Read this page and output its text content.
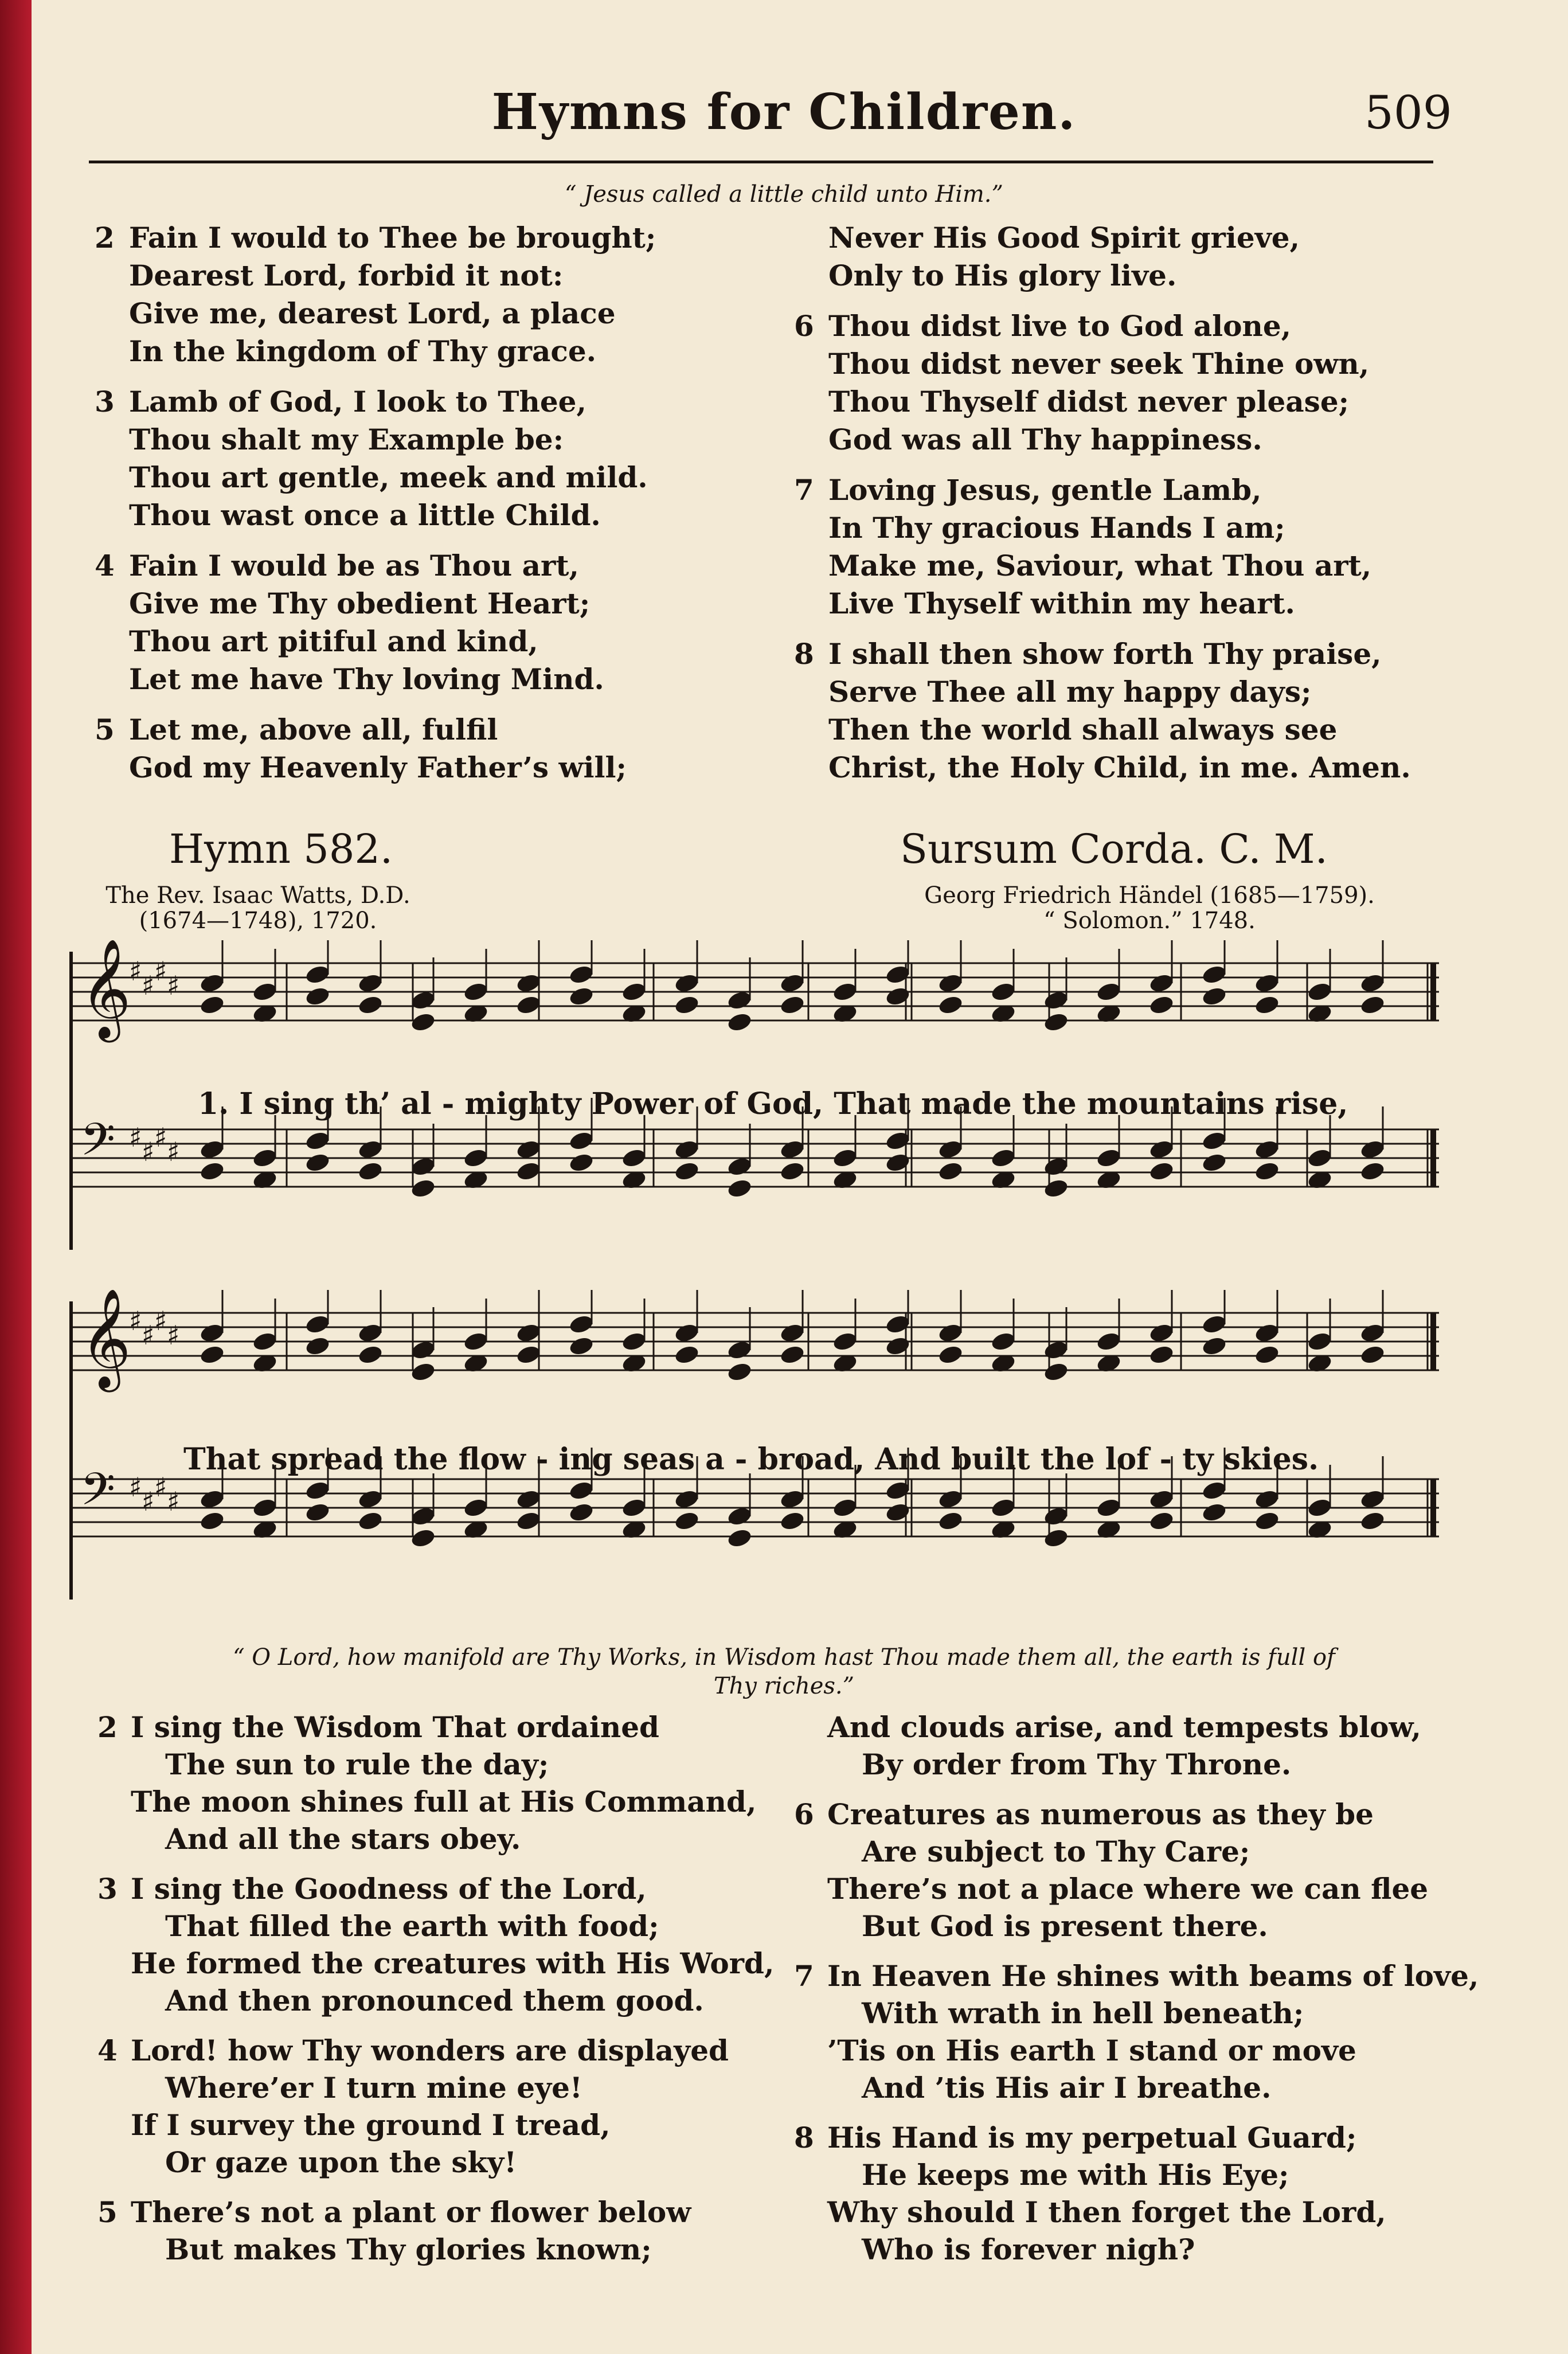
Hymns for Children.	509
“ Jesus called a little child unto Him.”
2 Fain I would to Thee be brought;
Dearest Lord, forbid it not:
Give me, dearest Lord, a place
In the kingdom of Thy grace.
3 Lamb of God, I look to Thee,
Thou shalt my Example be:
Thou art gentle, meek and mild.
Thou wast once a little Child.
4 Fain I would be as Thou art,
Give me Thy obedient Heart;
Thou art pitiful and kind,
Let me have Thy loving Mind.
5 Let me, above all, fulfil
God my Heavenly Father’s will;
Never His Good Spirit grieve,
Only to His glory live.
6 Thou didst live to God alone,
Thou didst never seek Thine own,
Thou Thyself didst never please;
God was all Thy happiness.
7 Loving Jesus, gentle Lamb,
In Thy gracious Hands I am;
Make me, Saviour, what Thou art,
Live Thyself within my heart.
8 I shall then show forth Thy praise,
Serve Thee all my happy days;
Then the world shall always see
Christ, the Holy Child, in me. Amen.
Hymn 582.	Sursum Corda. C. M.
The Rev. Isaac Watts, D.D.
(1674—1748), 1720.
Georg Friedrich Händel (1685—1759).
“ Solomon.” 1748.
𝄞
♯ ♯ ♯ ♯
𝄢 ♯ ♯ ♯ ♯
1. I sing th’ al - mighty Power of God, That made the mountains rise,
𝄞
♯ ♯ ♯ ♯
𝄢 ♯ ♯ ♯ ♯
That spread the flow - ing seas a - broad, And built the lof - ty skies.
“ O Lord, how manifold are Thy Works, in Wisdom hast Thou made them all, the earth is full of
Thy riches.”
2 I sing the Wisdom That ordained
The sun to rule the day;
The moon shines full at His Command,
And all the stars obey.
3 I sing the Goodness of the Lord,
That filled the earth with food;
He formed the creatures with His Word,
And then pronounced them good.
4 Lord! how Thy wonders are displayed
Where’er I turn mine eye!
If I survey the ground I tread,
Or gaze upon the sky!
5 There’s not a plant or flower below
But makes Thy glories known;
And clouds arise, and tempests blow,
By order from Thy Throne.
6 Creatures as numerous as they be
Are subject to Thy Care;
There’s not a place where we can flee
But God is present there.
7 In Heaven He shines with beams of love,
With wrath in hell beneath;
’Tis on His earth I stand or move
And ’tis His air I breathe.
8 His Hand is my perpetual Guard;
He keeps me with His Eye;
Why should I then forget the Lord,
Who is forever nigh?
